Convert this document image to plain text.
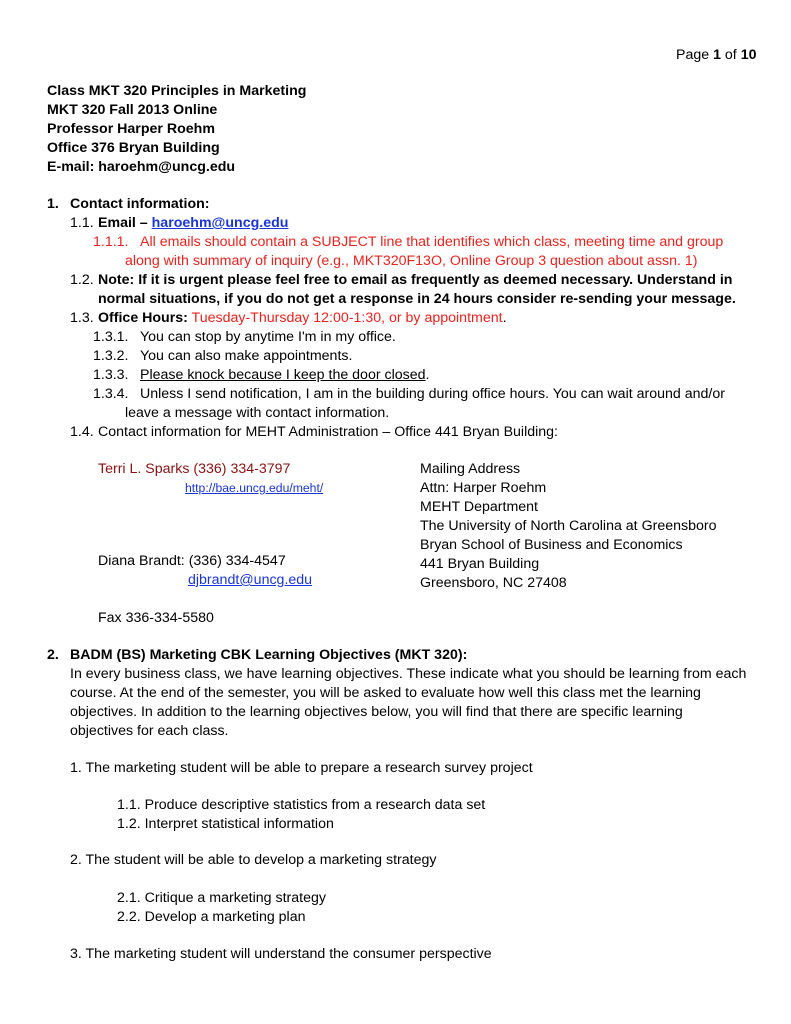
Page 1 of 10
Class MKT 320 Principles in Marketing
MKT 320 Fall 2013 Online
Professor Harper Roehm
Office 376 Bryan Building
E-mail: haroehm@uncg.edu
1. Contact information:
1.1. Email – haroehm@uncg.edu
1.1.1. All emails should contain a SUBJECT line that identifies which class, meeting time and group
along with summary of inquiry (e.g., MKT320F13O, Online Group 3 question about assn. 1)
1.2. Note: If it is urgent please feel free to email as frequently as deemed necessary. Understand in
normal situations, if you do not get a response in 24 hours consider re-sending your message.
1.3. Office Hours: Tuesday-Thursday 12:00-1:30, or by appointment.
1.3.1. You can stop by anytime I'm in my office.
1.3.2. You can also make appointments.
1.3.3. Please knock because I keep the door closed.
1.3.4. Unless I send notification, I am in the building during office hours. You can wait around and/or
leave a message with contact information.
1.4. Contact information for MEHT Administration – Office 441 Bryan Building:
Terri L. Sparks (336) 334-3797
http://bae.uncg.edu/meht/
Diana Brandt: (336) 334-4547
djbrandt@uncg.edu
Fax 336-334-5580
Mailing Address
Attn: Harper Roehm
MEHT Department
The University of North Carolina at Greensboro
Bryan School of Business and Economics
441 Bryan Building
Greensboro, NC 27408
2. BADM (BS) Marketing CBK Learning Objectives (MKT 320):
In every business class, we have learning objectives. These indicate what you should be learning from each
course. At the end of the semester, you will be asked to evaluate how well this class met the learning
objectives. In addition to the learning objectives below, you will find that there are specific learning
objectives for each class.
1. The marketing student will be able to prepare a research survey project
1.1. Produce descriptive statistics from a research data set
1.2. Interpret statistical information
2. The student will be able to develop a marketing strategy
2.1. Critique a marketing strategy
2.2. Develop a marketing plan
3. The marketing student will understand the consumer perspective
